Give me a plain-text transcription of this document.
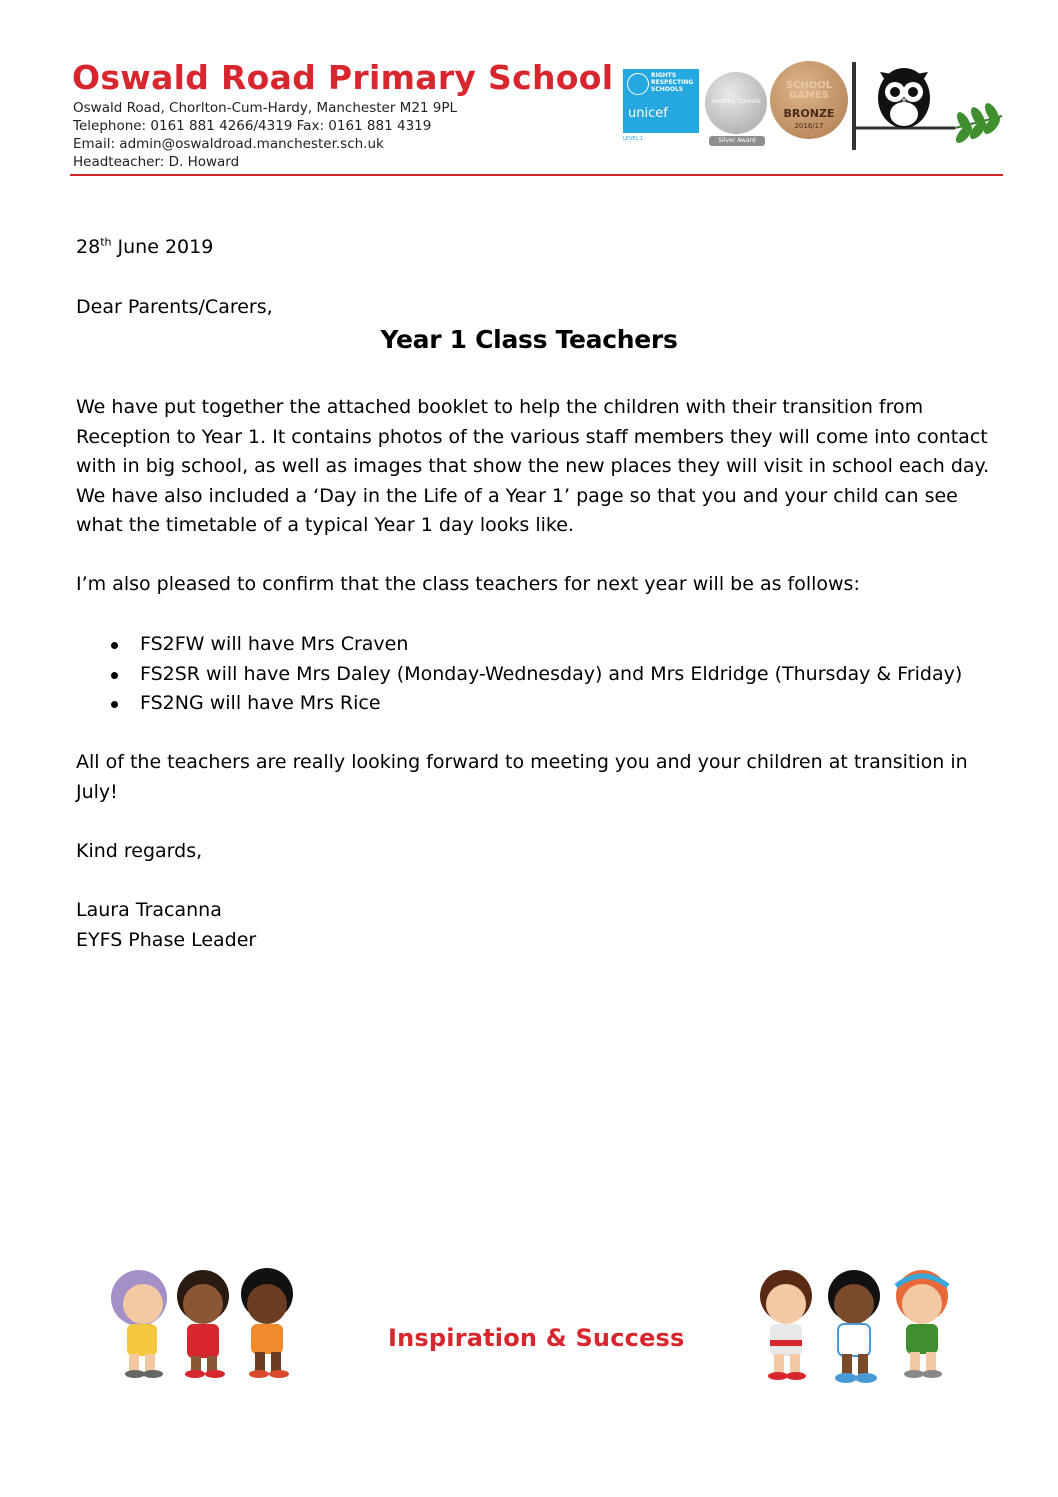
Oswald Road Primary School
Oswald Road, Chorlton-Cum-Hardy, Manchester M21 9PL
Telephone: 0161 881 4266/4319 Fax: 0161 881 4319
Email: admin@oswaldroad.manchester.sch.uk
Headteacher: D. Howard
RIGHTS RESPECTING SCHOOLS
unicef
LEVEL 1
Healthy Schools
Silver Award
SCHOOL GAMES
BRONZE
2016/17
28th June 2019
Dear Parents/Carers,
Year 1 Class Teachers
We have put together the attached booklet to help the children with their transition from Reception to Year 1. It contains photos of the various staff members they will come into contact with in big school, as well as images that show the new places they will visit in school each day. We have also included a ‘Day in the Life of a Year 1’ page so that you and your child can see what the timetable of a typical Year 1 day looks like.
I’m also pleased to confirm that the class teachers for next year will be as follows:
FS2FW will have Mrs Craven
FS2SR will have Mrs Daley (Monday-Wednesday) and Mrs Eldridge (Thursday & Friday)
FS2NG will have Mrs Rice
All of the teachers are really looking forward to meeting you and your children at transition in July!
Kind regards,
Laura Tracanna
EYFS Phase Leader
Inspiration & Success
